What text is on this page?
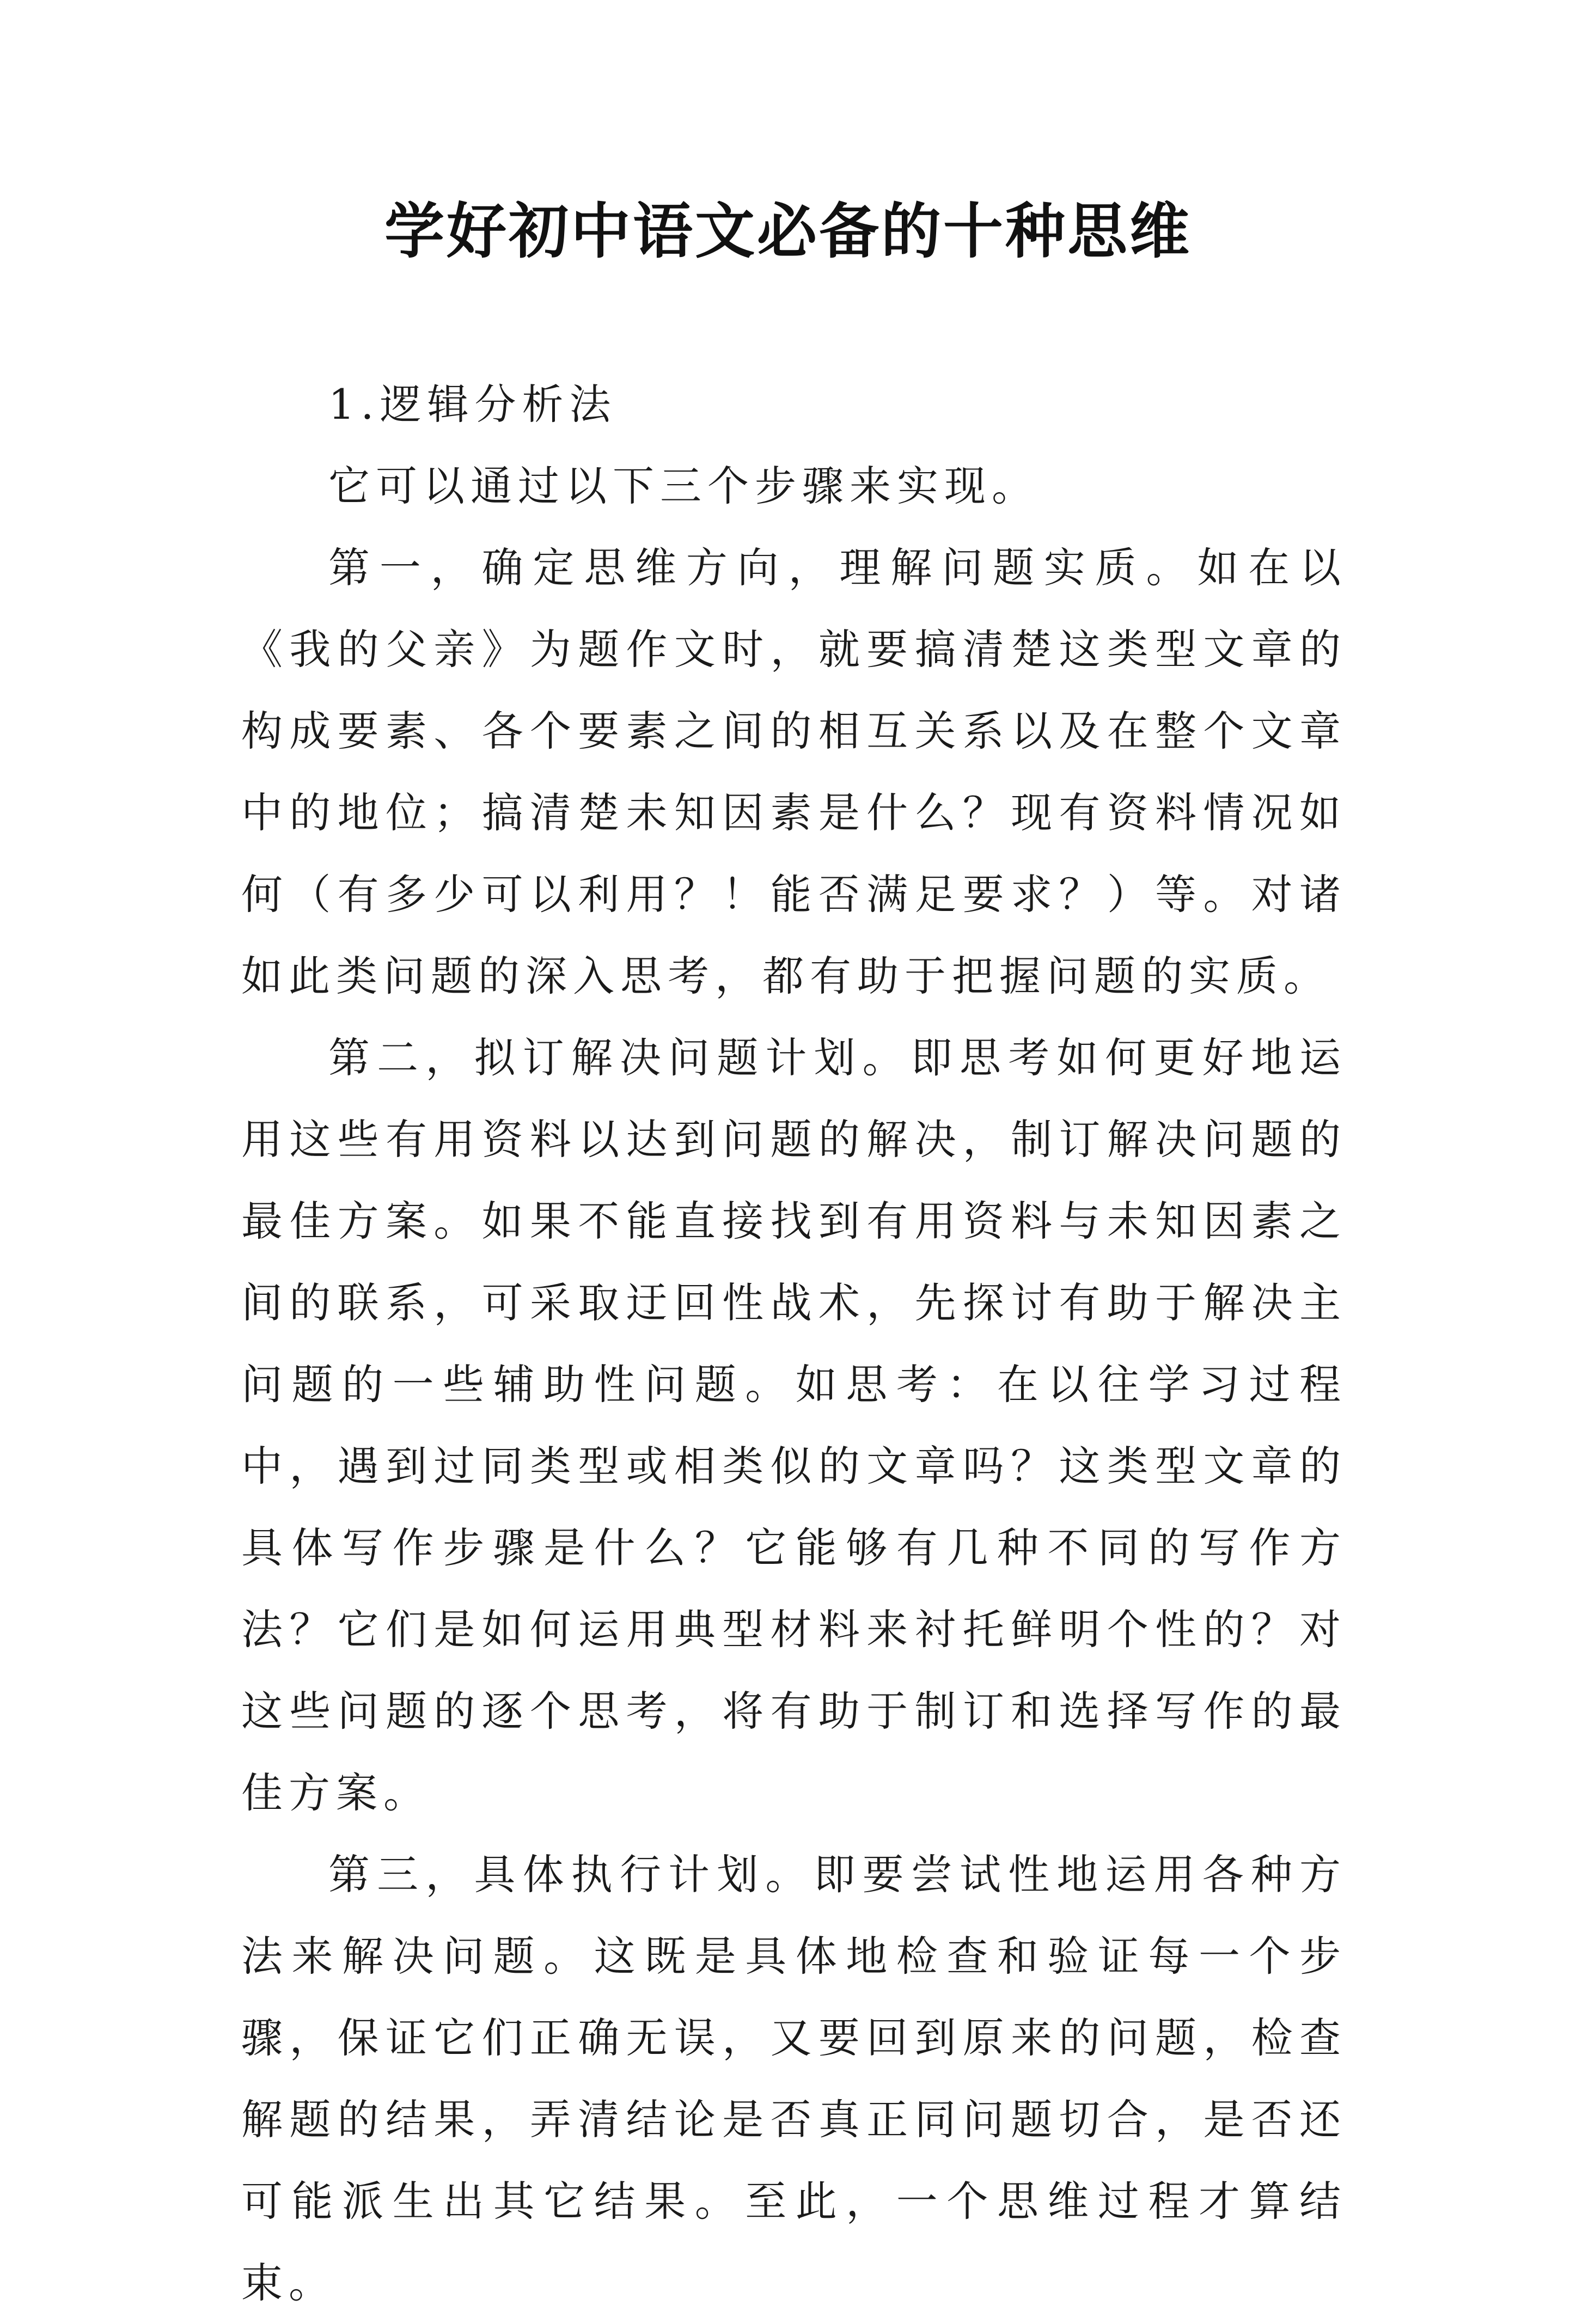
学好初中语文必备的十种思维

1.逻辑分析法

它可以通过以下三个步骤来实现。

第一，确定思维方向，理解问题实质。如在以《我的父亲》为题作文时，就要搞清楚这类型文章的构成要素、各个要素之间的相互关系以及在整个文章中的地位；搞清楚未知因素是什么？现有资料情况如何（有多少可以利用？！能否满足要求？）等。对诸如此类问题的深入思考，都有助于把握问题的实质。

第二，拟订解决问题计划。即思考如何更好地运用这些有用资料以达到问题的解决，制订解决问题的最佳方案。如果不能直接找到有用资料与未知因素之间的联系，可采取迂回性战术，先探讨有助于解决主问题的一些辅助性问题。如思考：在以往学习过程中，遇到过同类型或相类似的文章吗？这类型文章的具体写作步骤是什么？它能够有几种不同的写作方法？它们是如何运用典型材料来衬托鲜明个性的？对这些问题的逐个思考，将有助于制订和选择写作的最佳方案。

第三，具体执行计划。即要尝试性地运用各种方法来解决问题。这既是具体地检查和验证每一个步骤，保证它们正确无误，又要回到原来的问题，检查解题的结果，弄清结论是否真正同问题切合，是否还可能派生出其它结果。至此，一个思维过程才算结束。
